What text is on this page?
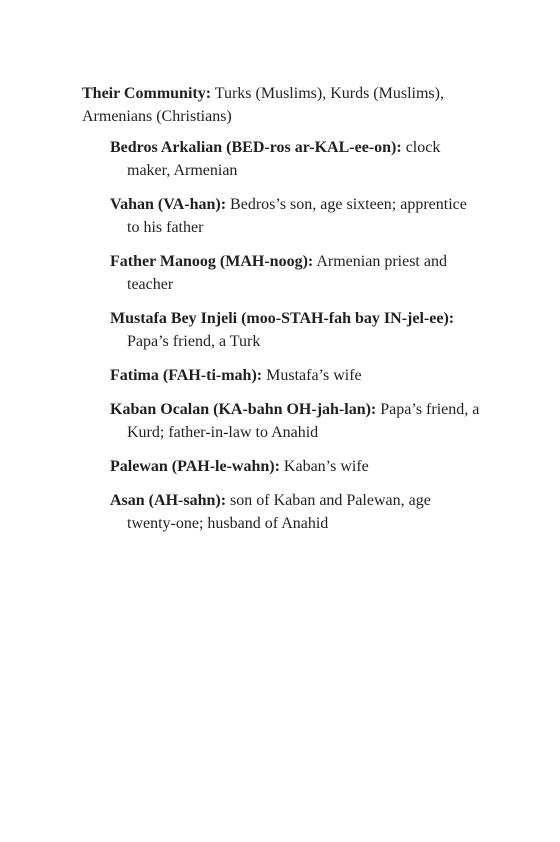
Their Community: Turks (Muslims), Kurds (Muslims), Armenians (Christians)

Bedros Arkalian (BED-ros ar-KAL-ee-on): clock maker, Armenian
Vahan (VA-han): Bedros’s son, age sixteen; apprentice to his father
Father Manoog (MAH-noog): Armenian priest and teacher
Mustafa Bey Injeli (moo-STAH-fah bay IN-jel-ee): Papa’s friend, a Turk
Fatima (FAH-ti-mah): Mustafa’s wife
Kaban Ocalan (KA-bahn OH-jah-lan): Papa’s friend, a Kurd; father-in-law to Anahid
Palewan (PAH-le-wahn): Kaban’s wife
Asan (AH-sahn): son of Kaban and Palewan, age twenty-one; husband of Anahid
